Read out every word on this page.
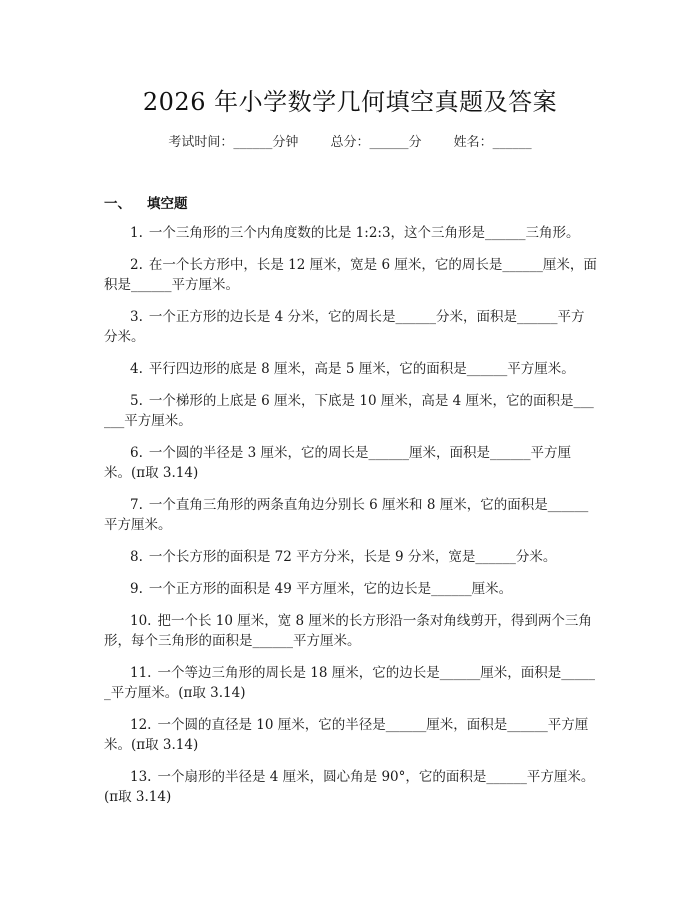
2026 年小学数学几何填空真题及答案
考试时间：______分钟 总分：______分 姓名：______
一、 填空题
1. 一个三角形的三个内角度数的比是 1:2:3，这个三角形是______三角形。
2. 在一个长方形中，长是 12 厘米，宽是 6 厘米，它的周长是______厘米，面积是______平方厘米。
3. 一个正方形的边长是 4 分米，它的周长是______分米，面积是______平方分米。
4. 平行四边形的底是 8 厘米，高是 5 厘米，它的面积是______平方厘米。
5. 一个梯形的上底是 6 厘米，下底是 10 厘米，高是 4 厘米，它的面积是______平方厘米。
6. 一个圆的半径是 3 厘米，它的周长是______厘米，面积是______平方厘米。(π取 3.14)
7. 一个直角三角形的两条直角边分别长 6 厘米和 8 厘米，它的面积是______平方厘米。
8. 一个长方形的面积是 72 平方分米，长是 9 分米，宽是______分米。
9. 一个正方形的面积是 49 平方厘米，它的边长是______厘米。
10. 把一个长 10 厘米，宽 8 厘米的长方形沿一条对角线剪开，得到两个三角形，每个三角形的面积是______平方厘米。
11. 一个等边三角形的周长是 18 厘米，它的边长是______厘米，面积是______平方厘米。(π取 3.14)
12. 一个圆的直径是 10 厘米，它的半径是______厘米，面积是______平方厘米。(π取 3.14)
13. 一个扇形的半径是 4 厘米，圆心角是 90°，它的面积是______平方厘米。(π取 3.14)
